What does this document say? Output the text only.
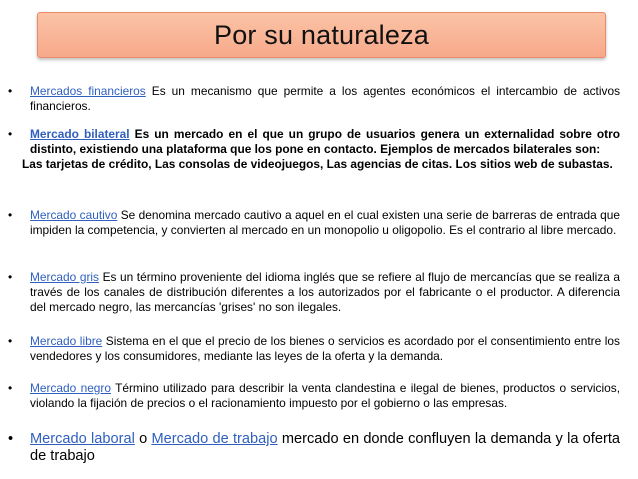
Por su naturaleza
•	Mercados financieros Es un mecanismo que permite a los agentes económicos el intercambio de activos financieros.
•	Mercado bilateral Es un mercado en el que un grupo de usuarios genera un externalidad sobre otro distinto, existiendo una plataforma que los pone en contacto. Ejemplos de mercados bilaterales son:
Las tarjetas de crédito, Las consolas de videojuegos, Las agencias de citas. Los sitios web de subastas.
•	Mercado cautivo Se denomina mercado cautivo a aquel en el cual existen una serie de barreras de entrada que impiden la competencia, y convierten al mercado en un monopolio u oligopolio. Es el contrario al libre mercado.
•	Mercado gris Es un término proveniente del idioma inglés que se refiere al flujo de mercancías que se realiza a través de los canales de distribución diferentes a los autorizados por el fabricante o el productor. A diferencia del mercado negro, las mercancías 'grises' no son ilegales.
•	Mercado libre Sistema en el que el precio de los bienes o servicios es acordado por el consentimiento entre los vendedores y los consumidores, mediante las leyes de la oferta y la demanda.
•	Mercado negro Término utilizado para describir la venta clandestina e ilegal de bienes, productos o servicios, violando la fijación de precios o el racionamiento impuesto por el gobierno o las empresas.
•	Mercado laboral o Mercado de trabajo mercado en donde confluyen la demanda y la oferta de trabajo
